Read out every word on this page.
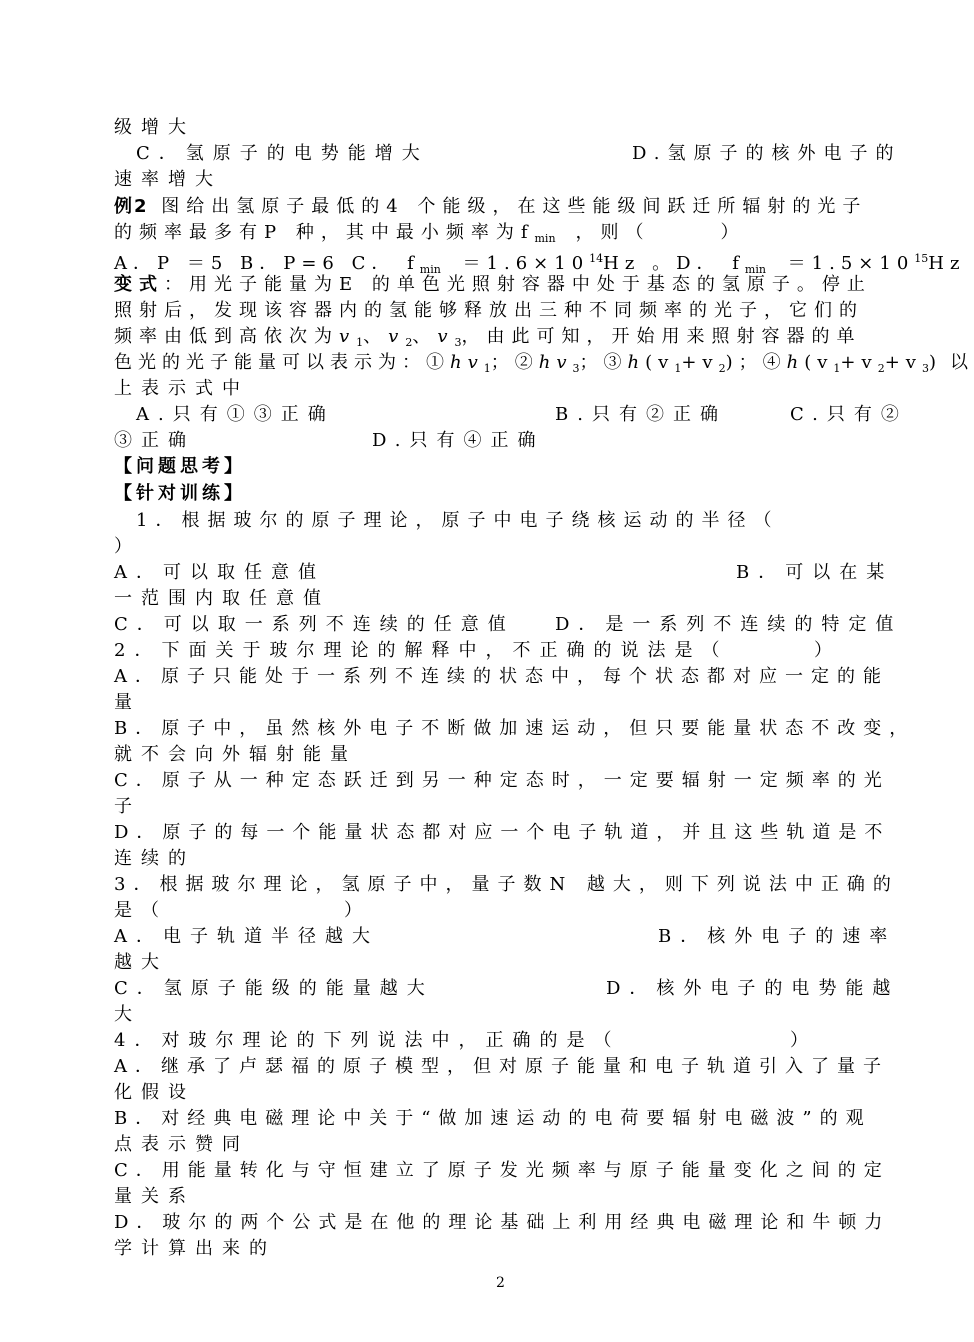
级增大
C．氢原子的电势能增大	D.氢原子的核外电子的
速率增大
例2 图给出氢原子最低的4 个能级，在这些能级间跃迁所辐射的光子
的频率最多有P 种，其中最小频率为$f_{min}$ ，则（	）
A．P ＝5 B．P=6 C． $f_{min} =1.6\times 10^{14}Hz$ 。D． $f_{min} =1.5\times 10^{15}Hz$
变式：用光子能量为E 的单色光照射容器中处于基态的氢原子。停止
照射后，发现该容器内的氢能够释放出三种不同频率的光子，它们的
频率由低到高依次为$v_1$、$v_2$、$v_3$，由此可知，开始用来照射容器的单
色光的光子能量可以表示为：$①hv_1$；$②hv_3$；$③h(v_1+v_2)$；$④h(v_1+v_2+v_3)$ 以
上表示式中
A.只有①③正确	B.只有②正确	C.只有②
③正确	D.只有④正确
【问题思考】
【针对训练】
1．根据玻尔的原子理论，原子中电子绕核运动的半径（
）
A．可以取任意值	B．可以在某
一范围内取任意值
C．可以取一系列不连续的任意值 D．是一系列不连续的特定值
2．下面关于玻尔理论的解释中，不正确的说法是（	）
A．原子只能处于一系列不连续的状态中，每个状态都对应一定的能
量
B．原子中，虽然核外电子不断做加速运动，但只要能量状态不改变，
就不会向外辐射能量
C．原子从一种定态跃迁到另一种定态时，一定要辐射一定频率的光
子
D．原子的每一个能量状态都对应一个电子轨道，并且这些轨道是不
连续的
3．根据玻尔理论，氢原子中，量子数N 越大，则下列说法中正确的
是（	）
A．电子轨道半径越大	B．核外电子的速率
越大
C．氢原子能级的能量越大	D．核外电子的电势能越
大
4．对玻尔理论的下列说法中，正确的是（	）
A．继承了卢瑟福的原子模型，但对原子能量和电子轨道引入了量子
化假设
B．对经典电磁理论中关于“做加速运动的电荷要辐射电磁波”的观
点表示赞同
C．用能量转化与守恒建立了原子发光频率与原子能量变化之间的定
量关系
D．玻尔的两个公式是在他的理论基础上利用经典电磁理论和牛顿力
学计算出来的
2
